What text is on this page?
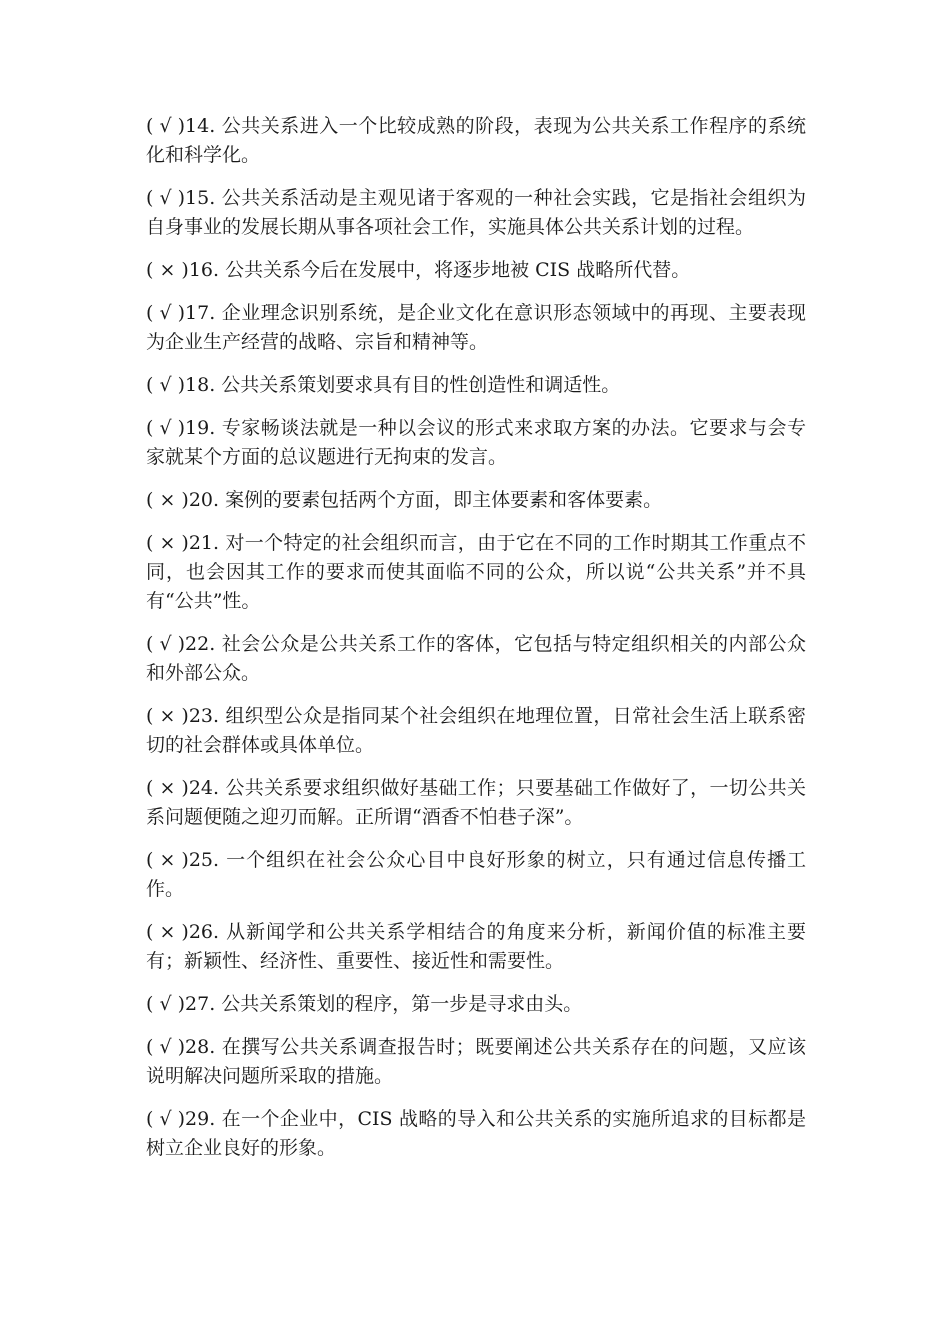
( √ )14. 公共关系进入一个比较成熟的阶段，表现为公共关系工作程序的系统化和科学化。

( √ )15. 公共关系活动是主观见诸于客观的一种社会实践，它是指社会组织为自身事业的发展长期从事各项社会工作，实施具体公共关系计划的过程。

( × )16. 公共关系今后在发展中，将逐步地被 CIS 战略所代替。

( √ )17. 企业理念识别系统，是企业文化在意识形态领域中的再现、主要表现为企业生产经营的战略、宗旨和精神等。

( √ )18. 公共关系策划要求具有目的性创造性和调适性。

( √ )19. 专家畅谈法就是一种以会议的形式来求取方案的办法。它要求与会专家就某个方面的总议题进行无拘束的发言。

( × )20. 案例的要素包括两个方面，即主体要素和客体要素。

( × )21. 对一个特定的社会组织而言，由于它在不同的工作时期其工作重点不同，也会因其工作的要求而使其面临不同的公众，所以说“公共关系”并不具有“公共”性。

( √ )22. 社会公众是公共关系工作的客体，它包括与特定组织相关的内部公众和外部公众。

( × )23. 组织型公众是指同某个社会组织在地理位置，日常社会生活上联系密切的社会群体或具体单位。

( × )24. 公共关系要求组织做好基础工作；只要基础工作做好了，一切公共关系问题便随之迎刃而解。正所谓“酒香不怕巷子深”。

( × )25. 一个组织在社会公众心目中良好形象的树立，只有通过信息传播工作。

( × )26. 从新闻学和公共关系学相结合的角度来分析，新闻价值的标准主要有；新颖性、经济性、重要性、接近性和需要性。

( √ )27. 公共关系策划的程序，第一步是寻求由头。

( √ )28. 在撰写公共关系调查报告时；既要阐述公共关系存在的问题，又应该说明解决问题所采取的措施。

( √ )29. 在一个企业中，CIS 战略的导入和公共关系的实施所追求的目标都是树立企业良好的形象。
